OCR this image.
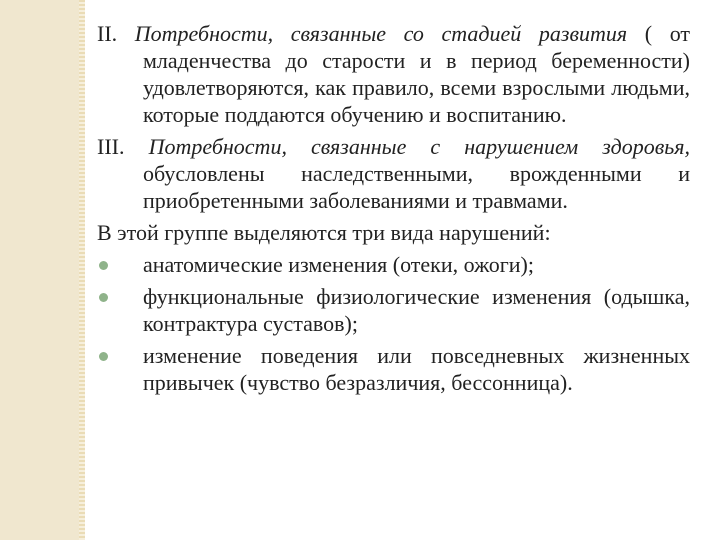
II. Потребности, связанные со стадией развития ( от младенчества до старости и в период беременности) удовлетворяются, как правило, всеми взрослыми людьми, которые поддаются обучению и воспитанию.

III. Потребности, связанные с нарушением здоровья, обусловлены наследственными, врожденными и приобретенными заболеваниями и травмами.

В этой группе выделяются три вида нарушений:

анатомические изменения (отеки, ожоги);
функциональные физиологические изменения (одышка, контрактура суставов);
изменение поведения или повседневных жизненных привычек (чувство безразличия, бессонница).
